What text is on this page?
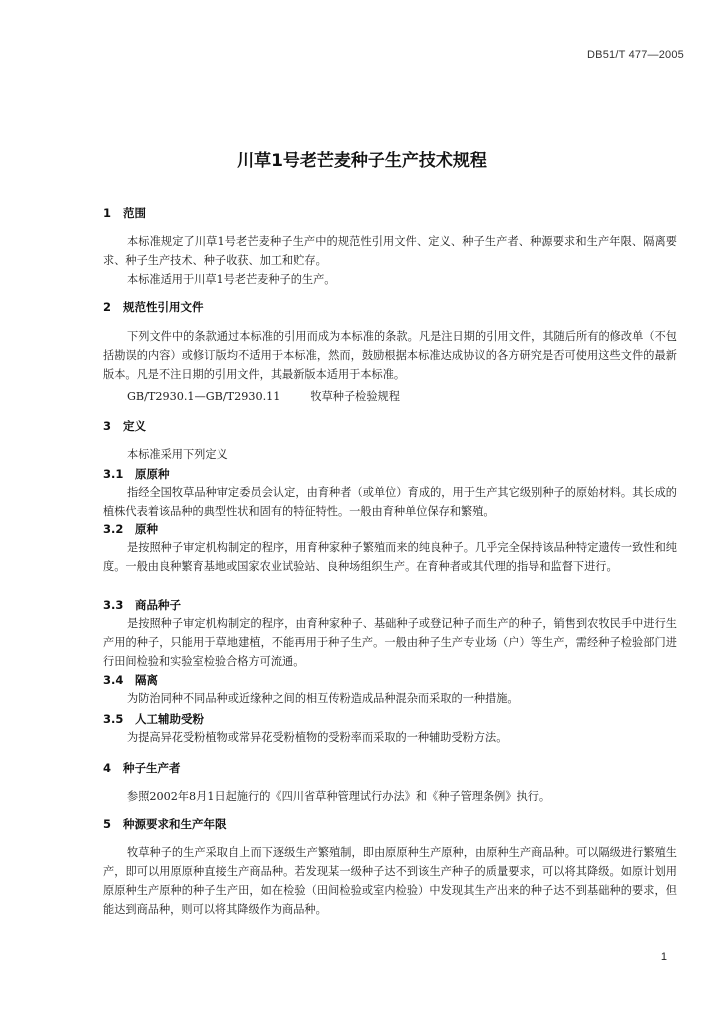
DB51/T 477—2005
川草1号老芒麦种子生产技术规程
1 范围

本标准规定了川草1号老芒麦种子生产中的规范性引用文件、定义、种子生产者、种源要求和生产年限、隔离要求、种子生产技术、种子收获、加工和贮存。

本标准适用于川草1号老芒麦种子的生产。

2 规范性引用文件

下列文件中的条款通过本标准的引用而成为本标准的条款。凡是注日期的引用文件，其随后所有的修改单（不包括勘误的内容）或修订版均不适用于本标准，然而，鼓励根据本标准达成协议的各方研究是否可使用这些文件的最新版本。凡是不注日期的引用文件，其最新版本适用于本标准。

GB/T2930.1—GB/T2930.11	牧草种子检验规程
3 定义

本标准采用下列定义

3.1 原原种

指经全国牧草品种审定委员会认定，由育种者（或单位）育成的，用于生产其它级别种子的原始材料。其长成的植株代表着该品种的典型性状和固有的特征特性。一般由育种单位保存和繁殖。

3.2 原种

是按照种子审定机构制定的程序，用育种家种子繁殖而来的纯良种子。几乎完全保持该品种特定遗传一致性和纯度。一般由良种繁育基地或国家农业试验站、良种场组织生产。在育种者或其代理的指导和监督下进行。

3.3 商品种子

是按照种子审定机构制定的程序，由育种家种子、基础种子或登记种子而生产的种子，销售到农牧民手中进行生产用的种子，只能用于草地建植，不能再用于种子生产。一般由种子生产专业场（户）等生产，需经种子检验部门进行田间检验和实验室检验合格方可流通。

3.4 隔离

为防治同种不同品种或近缘种之间的相互传粉造成品种混杂而采取的一种措施。

3.5 人工辅助受粉

为提高异花受粉植物或常异花受粉植物的受粉率而采取的一种辅助受粉方法。

4 种子生产者

参照2002年8月1日起施行的《四川省草种管理试行办法》和《种子管理条例》执行。

5 种源要求和生产年限

牧草种子的生产采取自上而下逐级生产繁殖制，即由原原种生产原种，由原种生产商品种。可以隔级进行繁殖生产，即可以用原原种直接生产商品种。若发现某一级种子达不到该生产种子的质量要求，可以将其降级。如原计划用原原种生产原种的种子生产田，如在检验（田间检验或室内检验）中发现其生产出来的种子达不到基础种的要求，但能达到商品种，则可以将其降级作为商品种。

1
